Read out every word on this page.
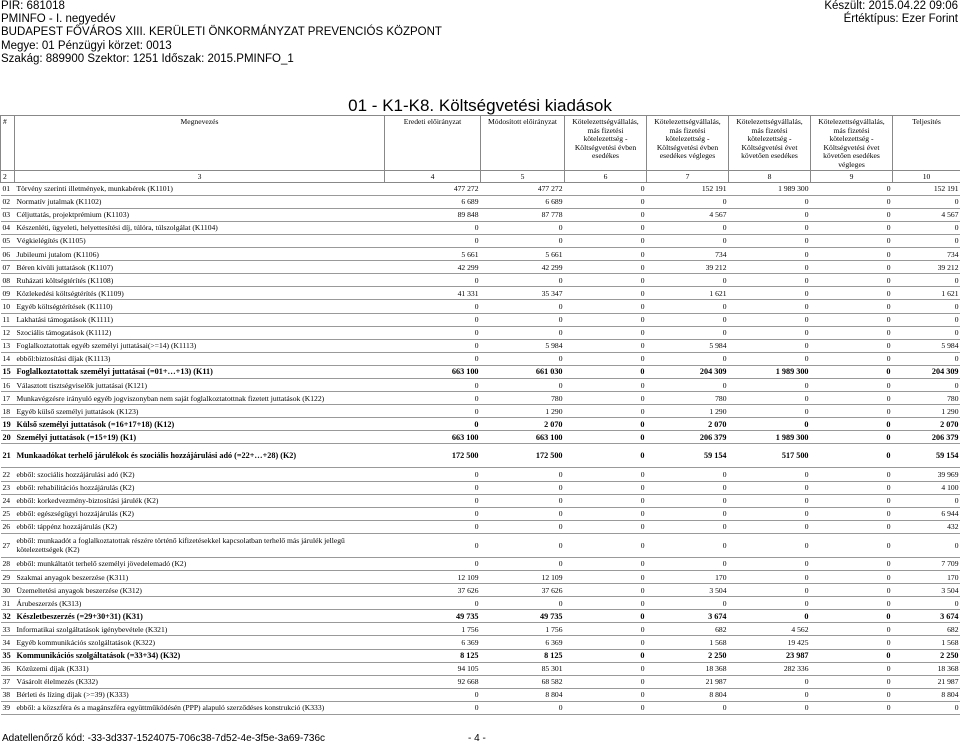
PIR: 681018
PMINFO - I. negyedév
BUDAPEST FŐVÁROS XIII. KERÜLETI ÖNKORMÁNYZAT PREVENCIÓS KÖZPONT
Megye: 01 Pénzügyi körzet: 0013
Szakág: 889900 Szektor: 1251 Időszak: 2015.PMINFO_1
Készült: 2015.04.22 09:06
Értéktípus: Ezer Forint
01 - K1-K8. Költségvetési kiadások
#	Megnevezés	Eredeti előirányzat	Módosított előirányzat	Kötelezettségvállalás, más fizetési kötelezettség - Költségvetési évben esedékes	Kötelezettségvállalás, más fizetési kötelezettség - Költségvetési évben esedékes végleges	Kötelezettségvállalás, más fizetési kötelezettség - Költségvetési évet követően esedékes	Kötelezettségvállalás, más fizetési kötelezettség - Költségvetési évet követően esedékes végleges	Teljesítés
2	3	4	5	6	7	8	9	10
01	Törvény szerinti illetmények, munkabérek (K1101)	477 272	477 272	0	152 191	1 989 300	0	152 191
02	Normatív jutalmak (K1102)	6 689	6 689	0	0	0	0	0
03	Céljuttatás, projektprémium (K1103)	89 848	87 778	0	4 567	0	0	4 567
04	Készenléti, ügyeleti, helyettesítési díj, túlóra, túlszolgálat (K1104)	0	0	0	0	0	0	0
05	Végkielégítés (K1105)	0	0	0	0	0	0	0
06	Jubileumi jutalom (K1106)	5 661	5 661	0	734	0	0	734
07	Béren kívüli juttatások (K1107)	42 299	42 299	0	39 212	0	0	39 212
08	Ruházati költségtérítés (K1108)	0	0	0	0	0	0	0
09	Közlekedési költségtérítés (K1109)	41 331	35 347	0	1 621	0	0	1 621
10	Egyéb költségtérítések (K1110)	0	0	0	0	0	0	0
11	Lakhatási támogatások (K1111)	0	0	0	0	0	0	0
12	Szociális támogatások (K1112)	0	0	0	0	0	0	0
13	Foglalkoztatottak egyéb személyi juttatásai(>=14) (K1113)	0	5 984	0	5 984	0	0	5 984
14	ebből:biztosítási díjak (K1113)	0	0	0	0	0	0	0
15	Foglalkoztatottak személyi juttatásai (=01+…+13) (K11)	663 100	661 030	0	204 309	1 989 300	0	204 309
16	Választott tisztségviselők juttatásai (K121)	0	0	0	0	0	0	0
17	Munkavégzésre irányuló egyéb jogviszonyban nem saját foglalkoztatottnak fizetett juttatások (K122)	0	780	0	780	0	0	780
18	Egyéb külső személyi juttatások (K123)	0	1 290	0	1 290	0	0	1 290
19	Külső személyi juttatások (=16+17+18) (K12)	0	2 070	0	2 070	0	0	2 070
20	Személyi juttatások (=15+19) (K1)	663 100	663 100	0	206 379	1 989 300	0	206 379
21	Munkaadókat terhelő járulékok és szociális hozzájárulási adó (=22+…+28) (K2)	172 500	172 500	0	59 154	517 500	0	59 154
22	ebből: szociális hozzájárulási adó (K2)	0	0	0	0	0	0	39 969
23	ebből: rehabilitációs hozzájárulás (K2)	0	0	0	0	0	0	4 100
24	ebből: korkedvezmény-biztosítási járulék (K2)	0	0	0	0	0	0	0
25	ebből: egészségügyi hozzájárulás (K2)	0	0	0	0	0	0	6 944
26	ebből: táppénz hozzájárulás (K2)	0	0	0	0	0	0	432
27	ebből: munkaadót a foglalkoztatottak részére történő kifizetésekkel kapcsolatban terhelő más járulék jellegű kötelezettségek (K2)	0	0	0	0	0	0	0
28	ebből: munkáltatót terhelő személyi jövedelemadó (K2)	0	0	0	0	0	0	7 709
29	Szakmai anyagok beszerzése (K311)	12 109	12 109	0	170	0	0	170
30	Üzemeltetési anyagok beszerzése (K312)	37 626	37 626	0	3 504	0	0	3 504
31	Árubeszerzés (K313)	0	0	0	0	0	0	0
32	Készletbeszerzés (=29+30+31) (K31)	49 735	49 735	0	3 674	0	0	3 674
33	Informatikai szolgáltatások igénybevétele (K321)	1 756	1 756	0	682	4 562	0	682
34	Egyéb kommunikációs szolgáltatások (K322)	6 369	6 369	0	1 568	19 425	0	1 568
35	Kommunikációs szolgáltatások (=33+34) (K32)	8 125	8 125	0	2 250	23 987	0	2 250
36	Közüzemi díjak (K331)	94 105	85 301	0	18 368	282 336	0	18 368
37	Vásárolt élelmezés (K332)	92 668	68 582	0	21 987	0	0	21 987
38	Bérleti és lízing díjak (>=39) (K333)	0	8 804	0	8 804	0	0	8 804
39	ebből: a közszféra és a magánszféra együttműködésén (PPP) alapuló szerződéses konstrukció (K333)	0	0	0	0	0	0	0
Adatellenőrző kód: -33-3d337-1524075-706c38-7d52-4e-3f5e-3a69-736c	- 4 -
